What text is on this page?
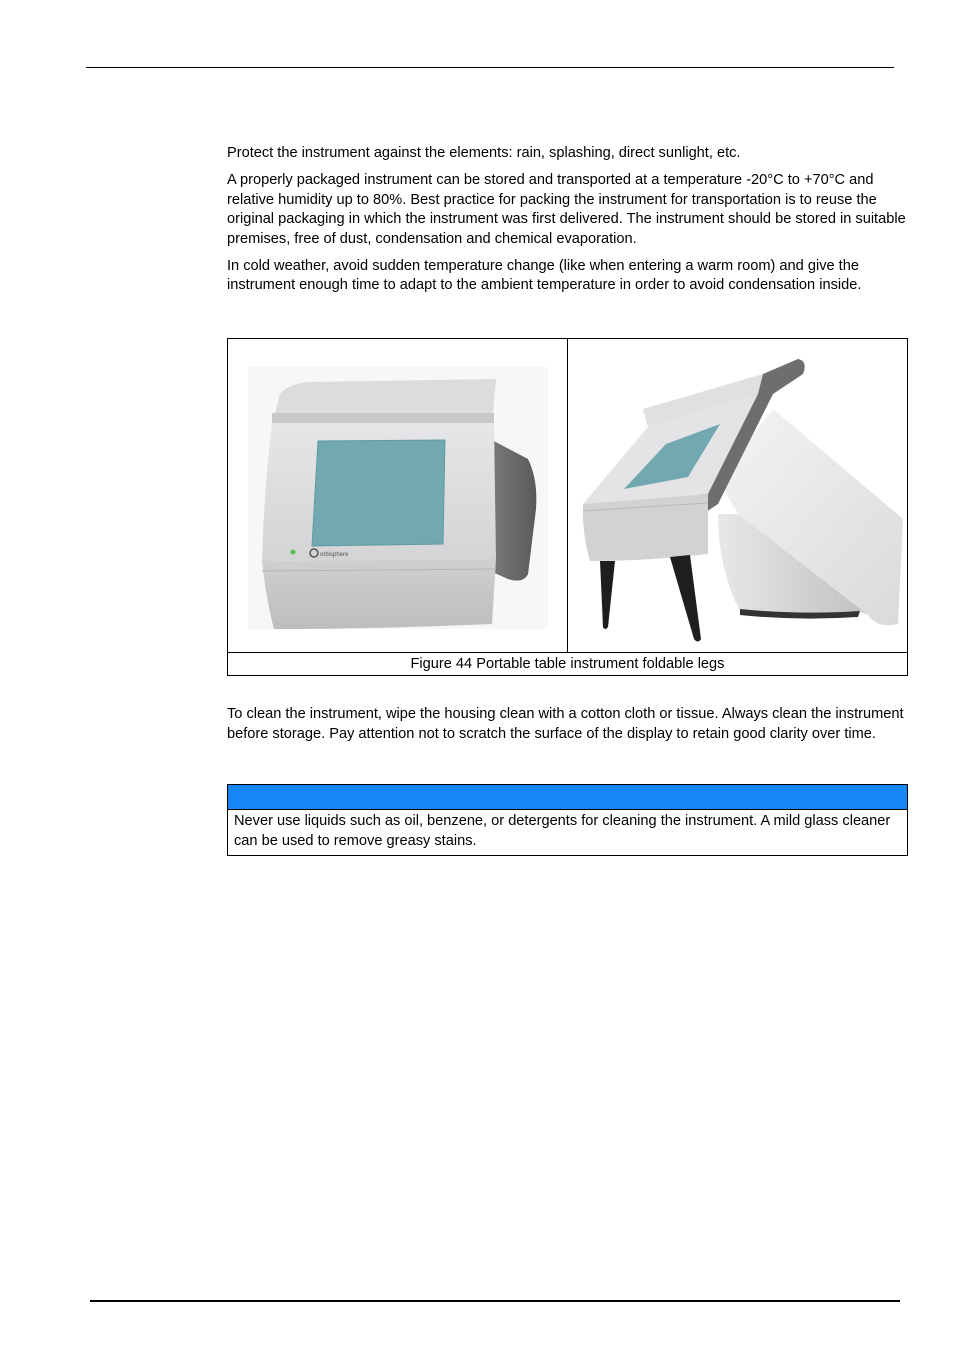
Protect the instrument against the elements: rain, splashing, direct sunlight, etc.

A properly packaged instrument can be stored and transported at a temperature -20°C to +70°C and relative humidity up to 80%. Best practice for packing the instrument for transportation is to reuse the original packaging in which the instrument was first delivered. The instrument should be stored in suitable premises, free of dust, condensation and chemical evaporation.

In cold weather, avoid sudden temperature change (like when entering a warm room) and give the instrument enough time to adapt to the ambient temperature in order to avoid condensation inside.

orbisphere
Figure 44 Portable table instrument foldable legs

To clean the instrument, wipe the housing clean with a cotton cloth or tissue. Always clean the instrument before storage. Pay attention not to scratch the surface of the display to retain good clarity over time.

Never use liquids such as oil, benzene, or detergents for cleaning the instrument. A mild glass cleaner can be used to remove greasy stains.
